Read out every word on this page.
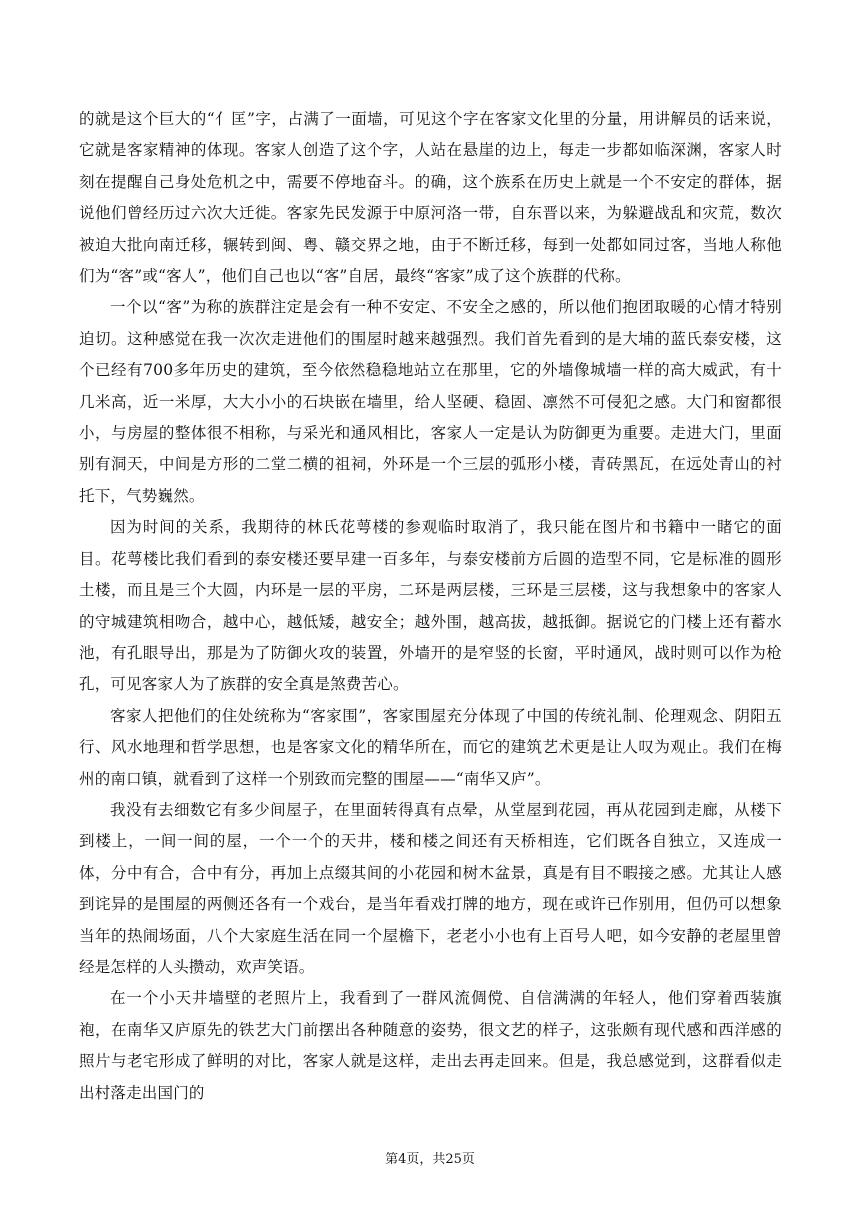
的就是这个巨大的“亻匡”字，占满了一面墙，可见这个字在客家文化里的分量，用讲解员的话来说，它就是客家精神的体现。客家人创造了这个字，人站在悬崖的边上，每走一步都如临深渊，客家人时刻在提醒自己身处危机之中，需要不停地奋斗。的确，这个族系在历史上就是一个不安定的群体，据说他们曾经历过六次大迁徙。客家先民发源于中原河洛一带，自东晋以来，为躲避战乱和灾荒，数次被迫大批向南迁移，辗转到闽、粤、赣交界之地，由于不断迁移，每到一处都如同过客，当地人称他们为“客”或“客人”，他们自己也以“客”自居，最终“客家”成了这个族群的代称。

一个以“客”为称的族群注定是会有一种不安定、不安全之感的，所以他们抱团取暖的心情才特别迫切。这种感觉在我一次次走进他们的围屋时越来越强烈。我们首先看到的是大埔的蓝氏泰安楼，这个已经有700多年历史的建筑，至今依然稳稳地站立在那里，它的外墙像城墙一样的高大威武，有十几米高，近一米厚，大大小小的石块嵌在墙里，给人坚硬、稳固、凛然不可侵犯之感。大门和窗都很小，与房屋的整体很不相称，与采光和通风相比，客家人一定是认为防御更为重要。走进大门，里面别有洞天，中间是方形的二堂二横的祖祠，外环是一个三层的弧形小楼，青砖黑瓦，在远处青山的衬托下，气势巍然。

因为时间的关系，我期待的林氏花萼楼的参观临时取消了，我只能在图片和书籍中一睹它的面目。花萼楼比我们看到的泰安楼还要早建一百多年，与泰安楼前方后圆的造型不同，它是标准的圆形土楼，而且是三个大圆，内环是一层的平房，二环是两层楼，三环是三层楼，这与我想象中的客家人的守城建筑相吻合，越中心，越低矮，越安全；越外围，越高拔，越抵御。据说它的门楼上还有蓄水池，有孔眼导出，那是为了防御火攻的装置，外墙开的是窄竖的长窗，平时通风，战时则可以作为枪孔，可见客家人为了族群的安全真是煞费苦心。

客家人把他们的住处统称为“客家围”，客家围屋充分体现了中国的传统礼制、伦理观念、阴阳五行、风水地理和哲学思想，也是客家文化的精华所在，而它的建筑艺术更是让人叹为观止。我们在梅州的南口镇，就看到了这样一个别致而完整的围屋——“南华又庐”。

我没有去细数它有多少间屋子，在里面转得真有点晕，从堂屋到花园，再从花园到走廊，从楼下到楼上，一间一间的屋，一个一个的天井，楼和楼之间还有天桥相连，它们既各自独立，又连成一体，分中有合，合中有分，再加上点缀其间的小花园和树木盆景，真是有目不暇接之感。尤其让人感到诧异的是围屋的两侧还各有一个戏台，是当年看戏打牌的地方，现在或许已作别用，但仍可以想象当年的热闹场面，八个大家庭生活在同一个屋檐下，老老小小也有上百号人吧，如今安静的老屋里曾经是怎样的人头攒动，欢声笑语。

在一个小天井墙壁的老照片上，我看到了一群风流倜傥、自信满满的年轻人，他们穿着西装旗袍，在南华又庐原先的铁艺大门前摆出各种随意的姿势，很文艺的样子，这张颇有现代感和西洋感的照片与老宅形成了鲜明的对比，客家人就是这样，走出去再走回来。但是，我总感觉到，这群看似走出村落走出国门的

第4页，共25页
